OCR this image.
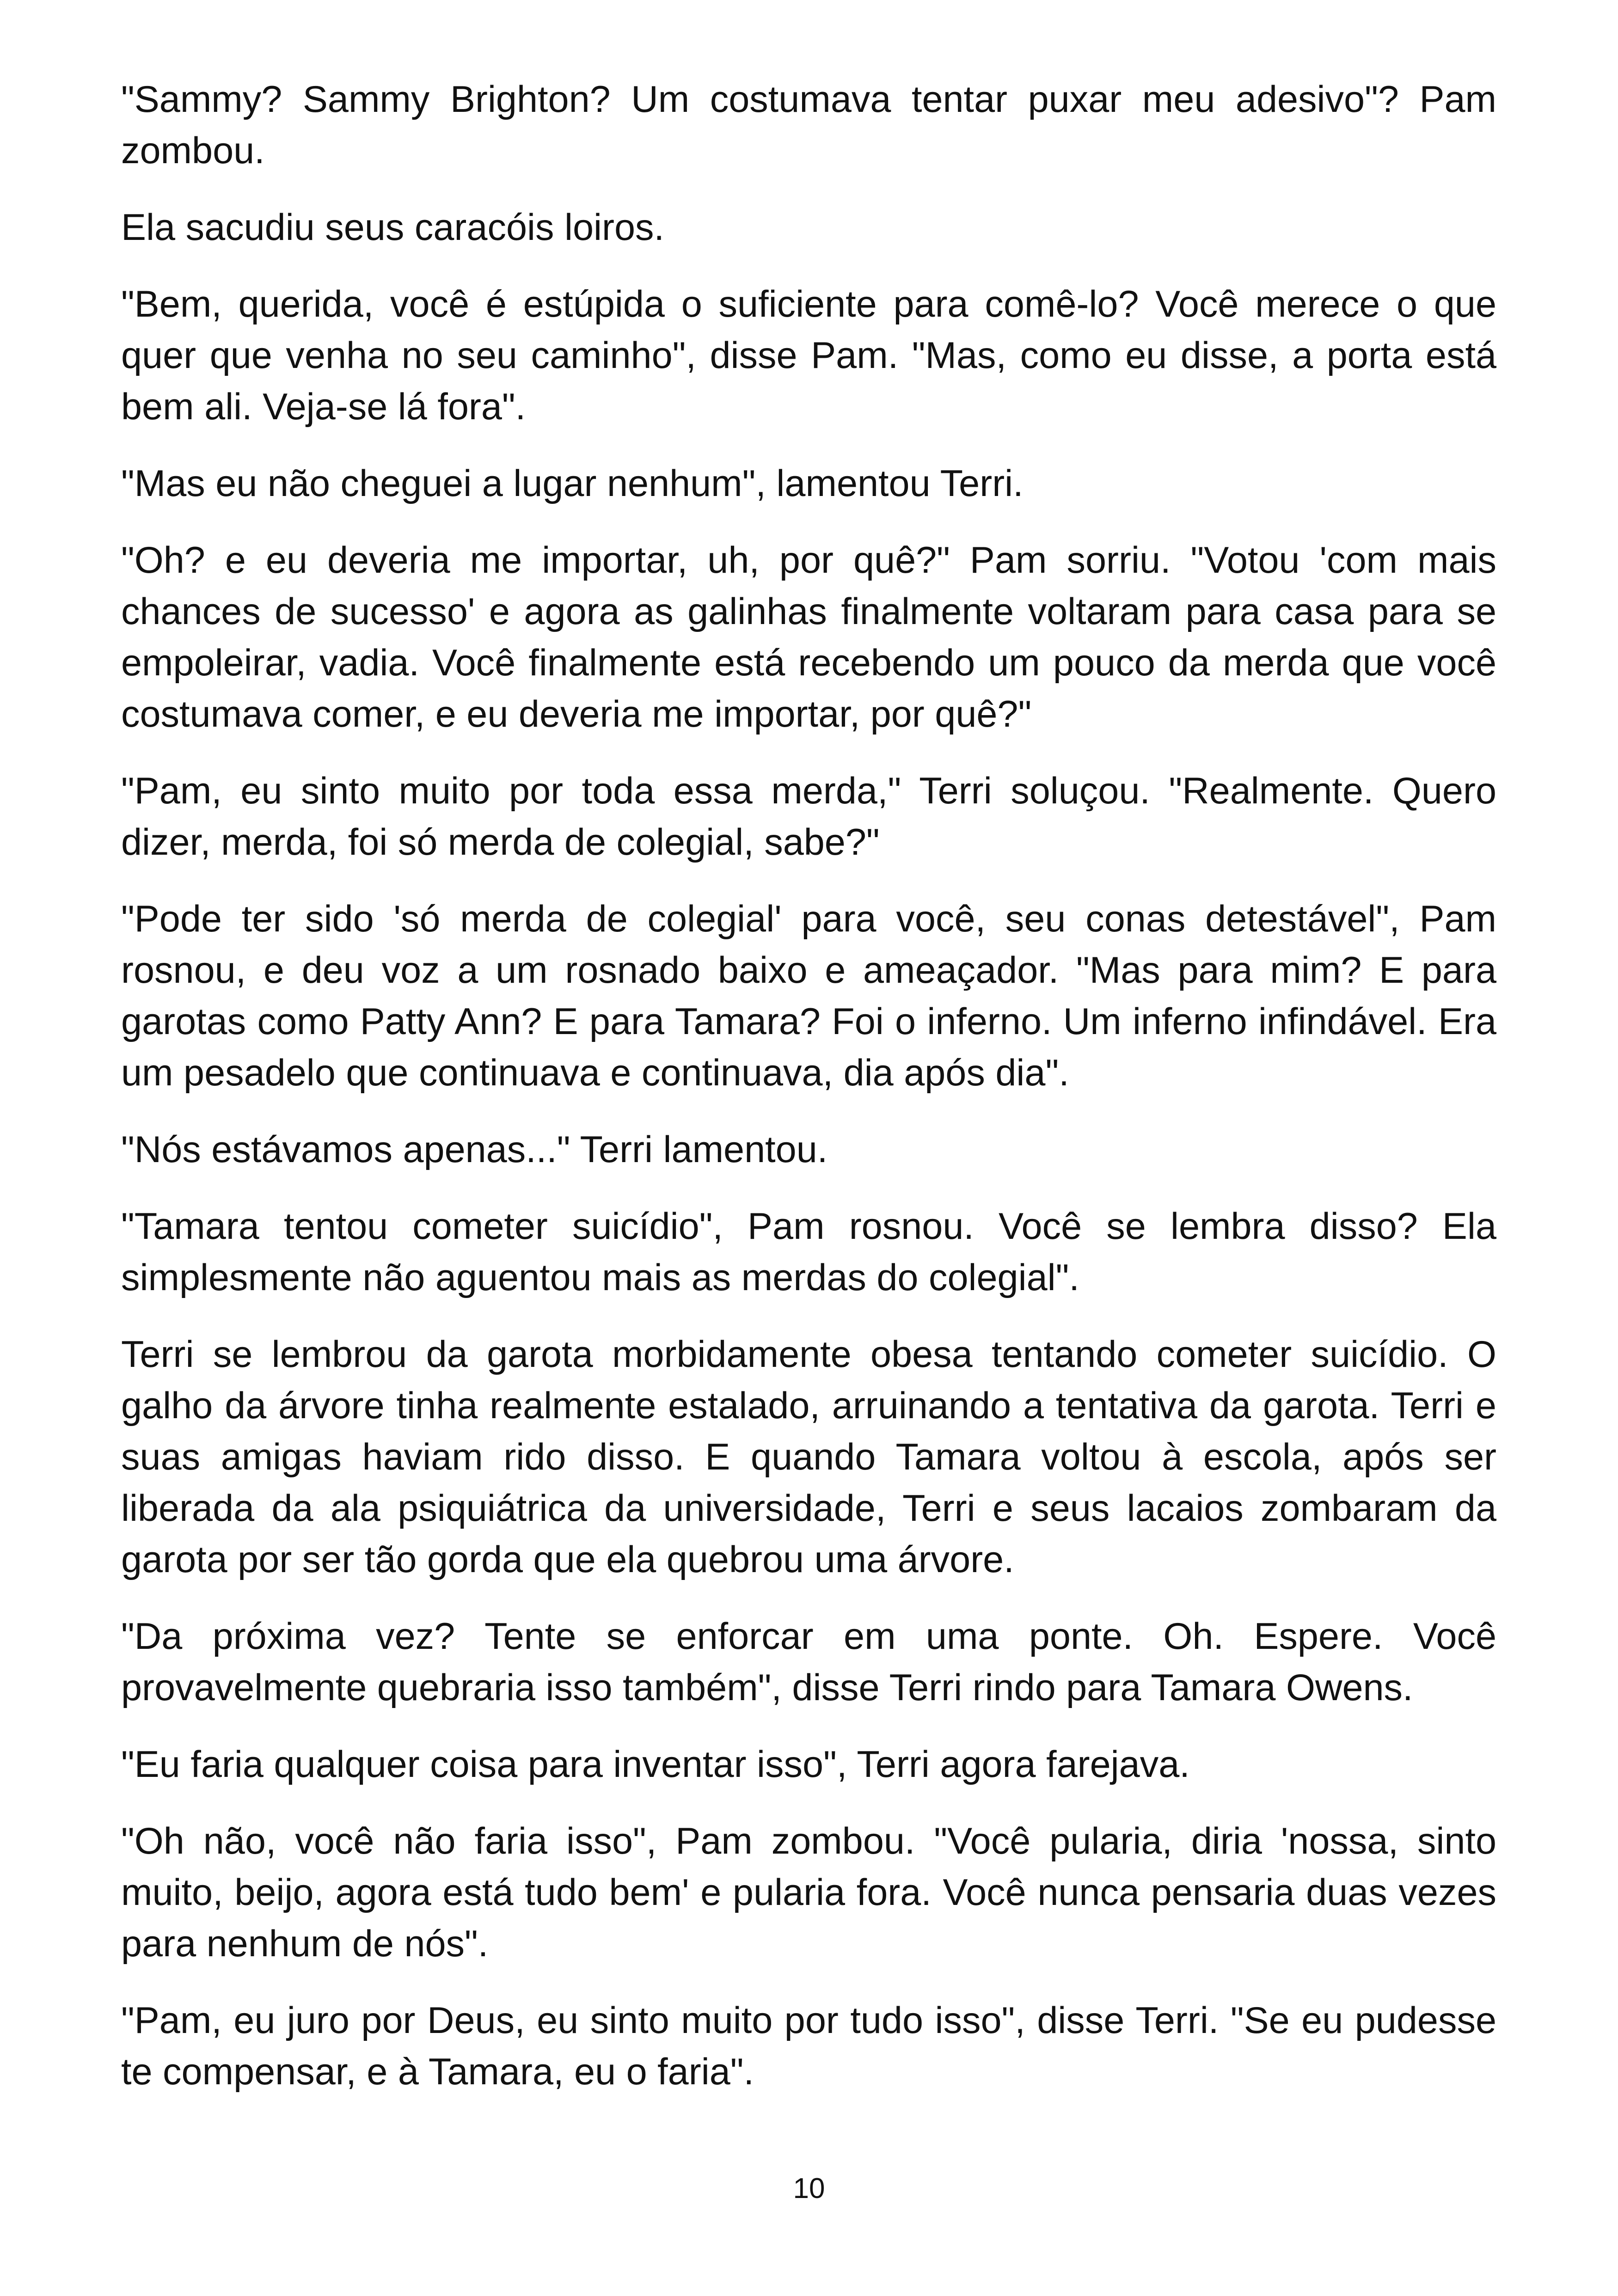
"Sammy? Sammy Brighton? Um costumava tentar puxar meu adesivo"? Pam zombou.

Ela sacudiu seus caracóis loiros.

"Bem, querida, você é estúpida o suficiente para comê-lo? Você merece o que quer que venha no seu caminho", disse Pam. "Mas, como eu disse, a porta está bem ali. Veja-se lá fora".

"Mas eu não cheguei a lugar nenhum", lamentou Terri.

"Oh? e eu deveria me importar, uh, por quê?" Pam sorriu. "Votou 'com mais chances de sucesso' e agora as galinhas finalmente voltaram para casa para se empoleirar, vadia. Você finalmente está recebendo um pouco da merda que você costumava comer, e eu deveria me importar, por quê?"

"Pam, eu sinto muito por toda essa merda," Terri soluçou. "Realmente. Quero dizer, merda, foi só merda de colegial, sabe?"

"Pode ter sido 'só merda de colegial' para você, seu conas detestável", Pam rosnou, e deu voz a um rosnado baixo e ameaçador. "Mas para mim? E para garotas como Patty Ann? E para Tamara? Foi o inferno. Um inferno infindável. Era um pesadelo que continuava e continuava, dia após dia".

"Nós estávamos apenas..." Terri lamentou.

"Tamara tentou cometer suicídio", Pam rosnou. Você se lembra disso? Ela simplesmente não aguentou mais as merdas do colegial".

Terri se lembrou da garota morbidamente obesa tentando cometer suicídio. O galho da árvore tinha realmente estalado, arruinando a tentativa da garota. Terri e suas amigas haviam rido disso. E quando Tamara voltou à escola, após ser liberada da ala psiquiátrica da universidade, Terri e seus lacaios zombaram da garota por ser tão gorda que ela quebrou uma árvore.

"Da próxima vez? Tente se enforcar em uma ponte. Oh. Espere. Você provavelmente quebraria isso também", disse Terri rindo para Tamara Owens.

"Eu faria qualquer coisa para inventar isso", Terri agora farejava.

"Oh não, você não faria isso", Pam zombou. "Você pularia, diria 'nossa, sinto muito, beijo, agora está tudo bem' e pularia fora. Você nunca pensaria duas vezes para nenhum de nós".

"Pam, eu juro por Deus, eu sinto muito por tudo isso", disse Terri. "Se eu pudesse te compensar, e à Tamara, eu o faria".

10
